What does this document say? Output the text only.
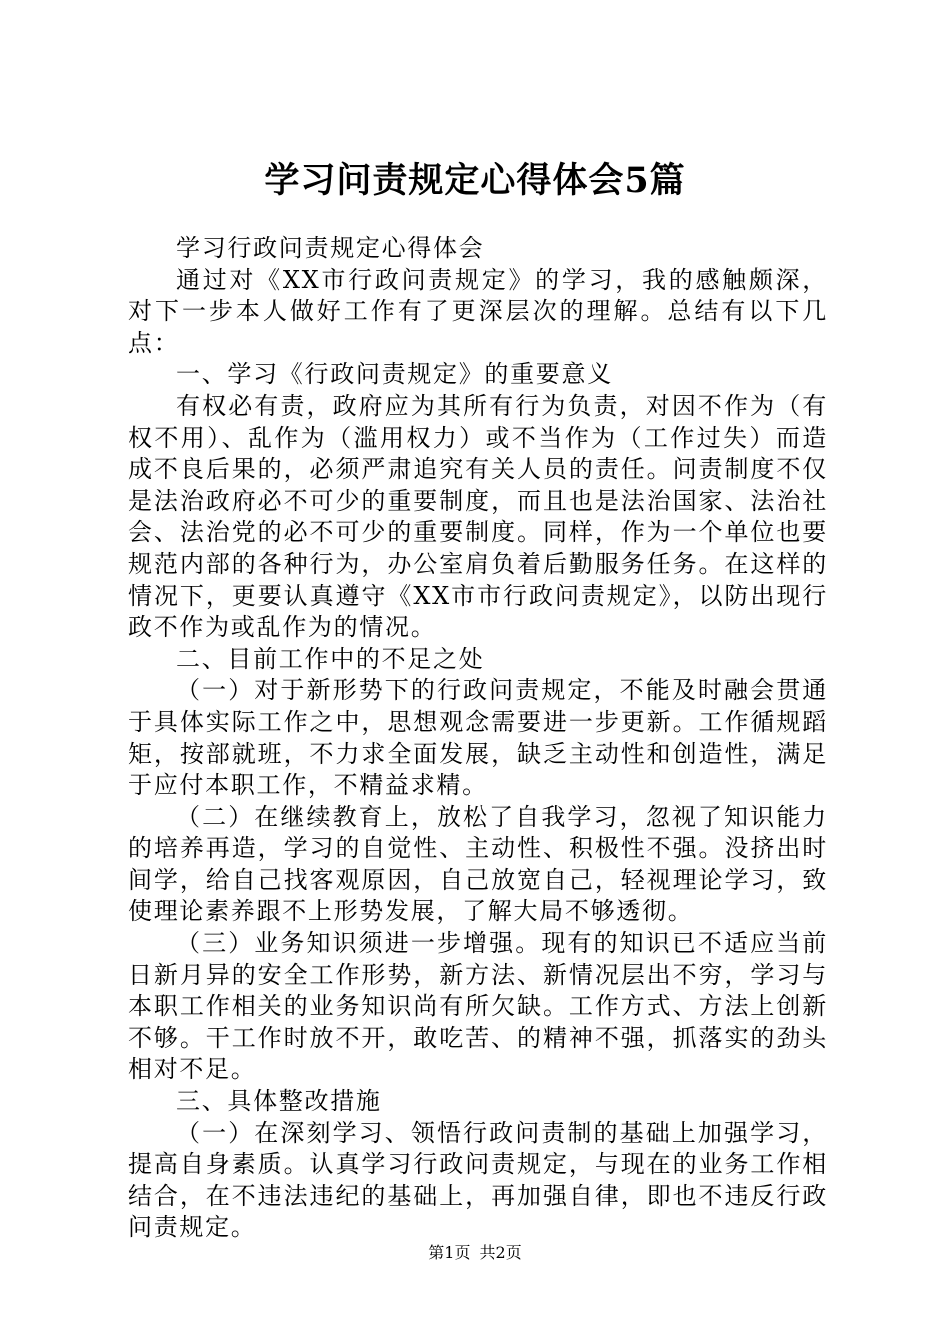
学习问责规定心得体会5篇

学习行政问责规定心得体会

通过对《XX市行政问责规定》的学习，我的感触颇深，对下一步本人做好工作有了更深层次的理解。总结有以下几点：

一、学习《行政问责规定》的重要意义

有权必有责，政府应为其所有行为负责，对因不作为（有权不用）、乱作为（滥用权力）或不当作为（工作过失）而造成不良后果的，必须严肃追究有关人员的责任。问责制度不仅是法治政府必不可少的重要制度，而且也是法治国家、法治社会、法治党的必不可少的重要制度。同样，作为一个单位也要规范内部的各种行为，办公室肩负着后勤服务任务。在这样的情况下，更要认真遵守《XX市市行政问责规定》，以防出现行政不作为或乱作为的情况。

二、目前工作中的不足之处

（一）对于新形势下的行政问责规定，不能及时融会贯通于具体实际工作之中，思想观念需要进一步更新。工作循规蹈矩，按部就班，不力求全面发展，缺乏主动性和创造性，满足于应付本职工作，不精益求精。

（二）在继续教育上，放松了自我学习，忽视了知识能力的培养再造，学习的自觉性、主动性、积极性不强。没挤出时间学，给自己找客观原因，自己放宽自己，轻视理论学习，致使理论素养跟不上形势发展，了解大局不够透彻。

（三）业务知识须进一步增强。现有的知识已不适应当前日新月异的安全工作形势，新方法、新情况层出不穷，学习与本职工作相关的业务知识尚有所欠缺。工作方式、方法上创新不够。干工作时放不开，敢吃苦、的精神不强，抓落实的劲头相对不足。

三、具体整改措施

（一）在深刻学习、领悟行政问责制的基础上加强学习，提高自身素质。认真学习行政问责规定，与现在的业务工作相结合，在不违法违纪的基础上，再加强自律，即也不违反行政问责规定。

第1页 共2页
